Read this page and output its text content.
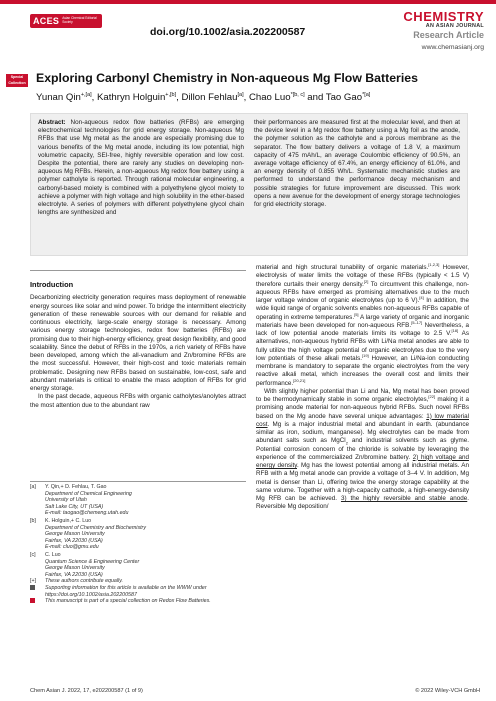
ACES Asian Chemical Editorial Society
doi.org/10.1002/asia.202200587
CHEMISTRY
AN ASIAN JOURNAL
Research Article
www.chemasianj.org
Special Collection Exploring Carbonyl Chemistry in Non-aqueous Mg Flow Batteries
Yunan Qin$^{+,[a]}$, Kathryn Holguin$^{+,[b]}$, Dillon Fehlau[a], Chao Luo$^{*[b, c]}$ and Tao Gao$^{*[a]}$
Abstract: Non-aqueous redox flow batteries (RFBs) are emerging electrochemical technologies for grid energy storage. Non-aqueous Mg RFBs that use Mg metal as the anode are especially promising due to various benefits of the Mg metal anode, including its low potential, high volumetric capacity, SEI-free, highly reversible operation and low cost. Despite the potential, there are rarely any studies on developing non-aqueous Mg RFBs. Herein, a non-aqueous Mg redox flow battery using a polymer catholyte is reported. Through rational molecular engineering, a carbonyl-based moiety is combined with a polyethylene glycol moiety to achieve a polymer with high voltage and high solubility in the ether-based electrolyte. A series of polymers with different polyethylene glycol chain lengths are synthesized and
their performances are measured first at the molecular level, and then at the device level in a Mg redox flow battery using a Mg foil as the anode, the polymer solution as the catholyte and a porous membrane as the separator. The flow battery delivers a voltage of 1.8 V, a maximum capacity of 475 mAh/L, an average Coulombic efficiency of 90.5%, an average voltage efficiency of 67.4%, an energy efficiency of 61.0%, and an energy density of 0.855 Wh/L. Systematic mechanistic studies are performed to understand the performance decay mechanism and possible strategies for future improvement are discussed. This work opens a new avenue for the development of energy storage technologies for grid electricity storage.
Introduction

Decarbonizing electricity generation requires mass deployment of renewable energy sources like solar and wind power. To bridge the intermittent electricity generation of these renewable sources with our demand for reliable and continuous electricity, large-scale energy storage is necessary. Among various energy storage technologies, redox flow batteries (RFBs) are promising due to their high-energy efficiency, great design flexibility, and good scalability. Since the debut of RFBs in the 1970s, a rich variety of RFBs have been developed, among which the all-vanadium and Zn/bromine RFBs are the most successful. However, their high-cost and toxic materials remain problematic. Designing new RFBs based on sustainable, low-cost, safe and abundant materials is critical to enable the mass adoption of RFBs for grid energy storage.

In the past decade, aqueous RFBs with organic catholytes/anolytes attract the most attention due to the abundant raw

material and high structural tunability of organic materials.[1,2,3] However, electrolysis of water limits the voltage of these RFBs (typically < 1.5 V) therefore curtails their energy density.[2] To circumvent this challenge, non-aqueous RFBs have emerged as promising alternatives due to the much larger voltage window of organic electrolytes (up to 6 V).[4] In addition, the wide liquid range of organic solvents enables non-aqueous RFBs capable of operating in extreme temperatures.[5] A large variety of organic and inorganic materials have been developed for non-aqueous RFB.[5–17] Nevertheless, a lack of low potential anode materials limits its voltage to 2.5 V.[18] As alternatives, non-aqueous hybrid RFBs with Li/Na metal anodes are able to fully utilize the high voltage potential of organic electrolytes due to the very low potentials of these alkali metals.[19] However, an Li/Na-ion conducting membrane is mandatory to separate the organic electrolytes from the very reactive alkali metal, which increases the overall cost and limits their performance.[20,21]

With slightly higher potential than Li and Na, Mg metal has been proved to be thermodynamically stable in some organic electrolytes,[22] making it a promising anode material for non-aqueous hybrid RFBs. Such novel RFBs based on the Mg anode have several unique advantages: 1) low material cost. Mg is a major industrial metal and abundant in earth. (abundance similar as iron, sodium, manganese). Mg electrolytes can be made from abundant salts such as MgCl$_2$ and industrial solvents such as glyme. Potential corrosion concern of the chloride is solvable by leveraging the experience of the commercialized Zn/bromine battery. 2) high voltage and energy density. Mg has the lowest potential among all industrial metals. An RFB with a Mg metal anode can provide a voltage of 3–4 V. In addition, Mg metal is denser than Li, offering twice the energy storage capability at the same volume. Together with a high-capacity cathode, a high-energy-density Mg RFB can be achieved. 3) the highly reversible and stable anode. Reversible Mg deposition/

[a]	Y. Qin,+ D. Fehlau, T. Gao
Department of Chemical Engineering
University of Utah
Salt Lake City, UT (USA)
E-mail: taogao@chemeng.utah.edu
[b]	K. Holguin,+ C. Luo
Department of Chemistry and Biochemistry
George Mason University
Fairfax, VA 22030 (USA)
E-mail: cluo@gmu.edu
[c]	C. Luo
Quantum Science & Engineering Center
George Mason University
Fairfax, VA 22030 (USA)
[+]	These authors contribute equally.
Supporting information for this article is available on the WWW under https://doi.org/10.1002/asia.202200587
This manuscript is part of a special collection on Redox Flow Batteries.
Chem Asian J. 2022, 17, e202200587 (1 of 9)	© 2022 Wiley-VCH GmbH
